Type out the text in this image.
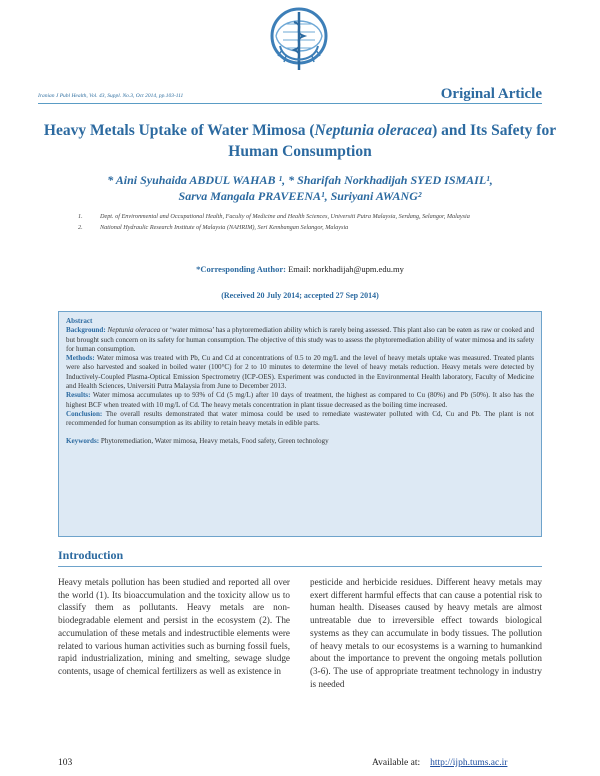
Iranian J Publ Health, Vol. 43, Suppl. No.3, Oct 2014, pp.103-111	Original Article
Heavy Metals Uptake of Water Mimosa (Neptunia oleracea) and Its Safety for Human Consumption
* Aini Syuhaida ABDUL WAHAB ¹, * Sharifah Norkhadijah SYED ISMAIL¹,
Sarva Mangala PRAVEENA¹, Suriyani AWANG²
1.	Dept. of Environmental and Occupational Health, Faculty of Medicine and Health Sciences, Universiti Putra Malaysia, Serdang, Selangor, Malaysia
2.	National Hydraulic Research Institute of Malaysia (NAHRIM), Seri Kembangan Selangor, Malaysia
*Corresponding Author: Email: norkhadijah@upm.edu.my
(Received 20 July 2014; accepted 27 Sep 2014)

Abstract

Background: Neptunia oleracea or ‘water mimosa’ has a phytoremediation ability which is rarely being assessed. This plant also can be eaten as raw or cooked and but brought such concern on its safety for human consumption. The objective of this study was to assess the phytoremediation ability of water mimosa and its safety for human consumption.

Methods: Water mimosa was treated with Pb, Cu and Cd at concentrations of 0.5 to 20 mg/L and the level of heavy metals uptake was measured. Treated plants were also harvested and soaked in boiled water (100°C) for 2 to 10 minutes to determine the level of heavy metals reduction. Heavy metals were detected by Inductively-Coupled Plasma-Optical Emission Spectrometry (ICP-OES). Experiment was conducted in the Environmental Health laboratory, Faculty of Medicine and Health Sciences, Universiti Putra Malaysia from June to December 2013.

Results: Water mimosa accumulates up to 93% of Cd (5 mg/L) after 10 days of treatment, the highest as compared to Cu (80%) and Pb (50%). It also has the highest BCF when treated with 10 mg/L of Cd. The heavy metals concentration in plant tissue decreased as the boiling time increased.

Conclusion: The overall results demonstrated that water mimosa could be used to remediate wastewater polluted with Cd, Cu and Pb. The plant is not recommended for human consumption as its ability to retain heavy metals in edible parts.

Keywords: Phytoremediation, Water mimosa, Heavy metals, Food safety, Green technology

Introduction
Heavy metals pollution has been studied and reported all over the world (1). Its bioaccumulation and the toxicity allow us to classify them as pollutants. Heavy metals are non-biodegradable element and persist in the ecosystem (2). The accumulation of these metals and indestructible elements were related to various human activities such as burning fossil fuels, rapid industrialization, mining and smelting, sewage sludge contents, usage of chemical fertilizers as well as existence in
pesticide and herbicide residues. Different heavy metals may exert different harmful effects that can cause a potential risk to human health. Diseases caused by heavy metals are almost untreatable due to irreversible effect towards biological systems as they can accumulate in body tissues. The pollution of heavy metals to our ecosystems is a warning to humankind about the importance to prevent the ongoing metals pollution (3-6). The use of appropriate treatment technology in industry is needed
103	Available at: http://ijph.tums.ac.ir
